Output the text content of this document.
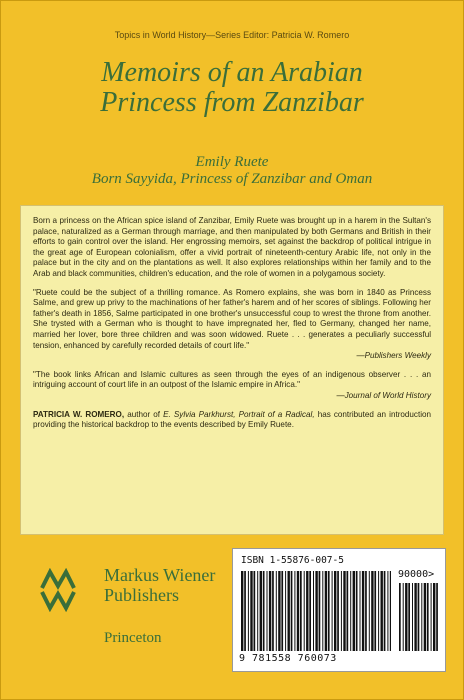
Topics in World History—Series Editor: Patricia W. Romero
Memoirs of an Arabian
Princess from Zanzibar
Emily Ruete
Born Sayyida, Princess of Zanzibar and Oman

Born a princess on the African spice island of Zanzibar, Emily Ruete was brought up in a harem in the Sultan's palace, naturalized as a German through marriage, and then manipulated by both Germans and British in their efforts to gain control over the island. Her engrossing memoirs, set against the backdrop of political intrigue in the great age of European colonialism, offer a vivid portrait of nineteenth-century Arabic life, not only in the palace but in the city and on the plantations as well. It also explores relationships within her family and to the Arab and black communities, children's education, and the role of women in a polygamous society.

"Ruete could be the subject of a thrilling romance. As Romero explains, she was born in 1840 as Princess Salme, and grew up privy to the machinations of her father's harem and of her scores of siblings. Following her father's death in 1856, Salme participated in one brother's unsuccessful coup to wrest the throne from another. She trysted with a German who is thought to have impregnated her, fled to Germany, changed her name, married her lover, bore three children and was soon widowed. Ruete . . . generates a peculiarly successful tension, enhanced by carefully recorded details of court life."

—Publishers Weekly

"The book links African and Islamic cultures as seen through the eyes of an indigenous observer . . . an intriguing account of court life in an outpost of the Islamic empire in Africa."

—Journal of World History

PATRICIA W. ROMERO, author of E. Sylvia Parkhurst, Portrait of a Radical, has contributed an introduction providing the historical backdrop to the events described by Emily Ruete.

Markus Wiener
Publishers
Princeton
ISBN 1-55876-007-5
90000>
9 781558 760073
